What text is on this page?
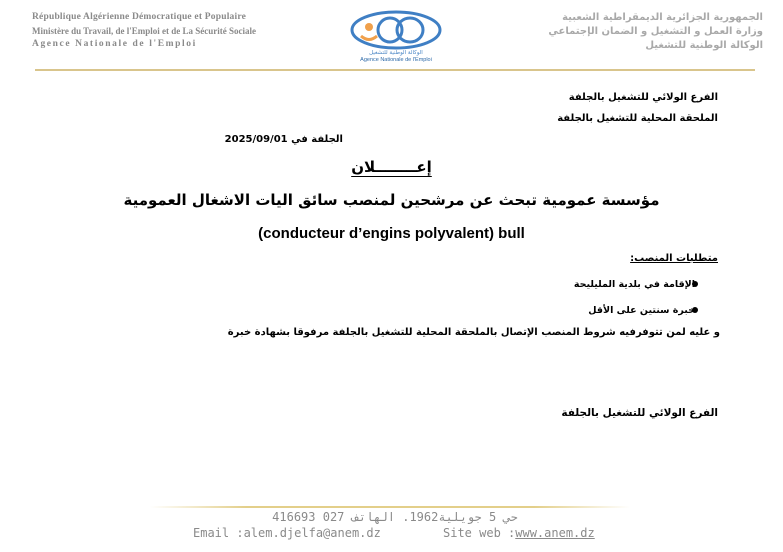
République Algérienne Démocratique et Populaire
Ministère du Travail, de l'Emploi et de La Sécurité Sociale
Agence Nationale de l'Emploi
الوكالة الوطنية للتشغيل
Agence Nationale de l'Emploi
الجمهورية الجزائرية الديمقراطية الشعبية
وزارة العمل و التشغيل و الضمان الإجتماعي
الوكالة الوطنية للتشغيل
الفرع الولائي للتشغيل بالجلفة
الملحقة المحلية للتشغيل بالجلفة
الجلفة في 2025/09/01
إعــــــــلان
مؤسسة عمومية تبحث عن مرشحين لمنصب سائق اليات الاشغال العمومية
(conducteur d’engins polyvalent) bull
متطلبات المنصب:
الإقامة في بلدية المليليحة
خبرة سنتين على الأقل
و عليه لمن تتوفرفيه شروط المنصب الإتصال بالملحقة المحلية للتشغيل بالجلفة مرفوقا بشهادة خبرة
الفرع الولائي للتشغيل بالجلفة
حي 5 جويلية1962. الهاتف 027 416693
Email :alem.djelfa@anem.dz	Site web :www.anem.dz
